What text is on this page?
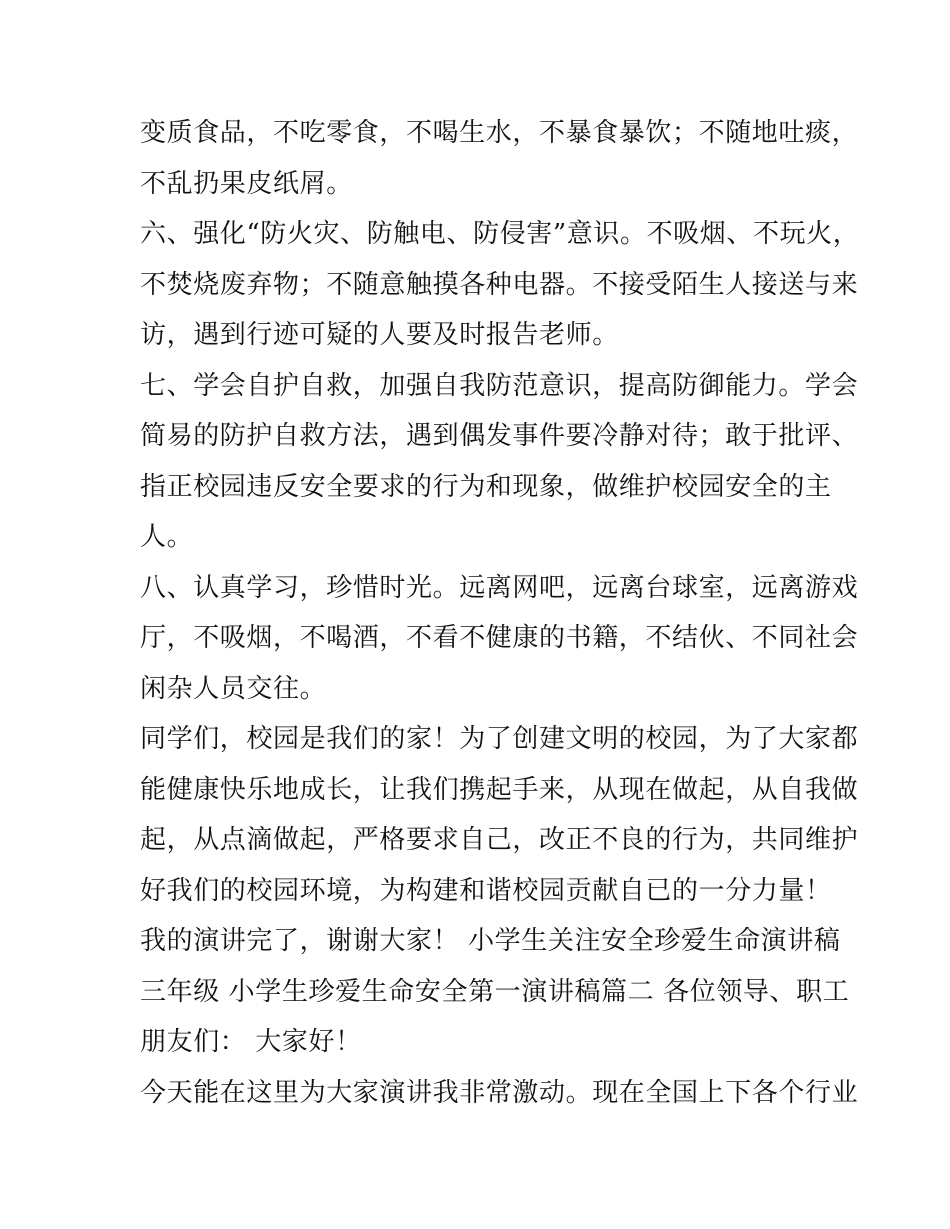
变质食品，不吃零食，不喝生水，不暴食暴饮；不随地吐痰，
不乱扔果皮纸屑。
六、强化“防火灾、防触电、防侵害”意识。不吸烟、不玩火，
不焚烧废弃物；不随意触摸各种电器。不接受陌生人接送与来
访，遇到行迹可疑的人要及时报告老师。
七、学会自护自救，加强自我防范意识，提高防御能力。学会
简易的防护自救方法，遇到偶发事件要冷静对待；敢于批评、
指正校园违反安全要求的行为和现象，做维护校园安全的主
人。
八、认真学习，珍惜时光。远离网吧，远离台球室，远离游戏
厅，不吸烟，不喝酒，不看不健康的书籍，不结伙、不同社会
闲杂人员交往。
同学们，校园是我们的家！为了创建文明的校园，为了大家都
能健康快乐地成长，让我们携起手来，从现在做起，从自我做
起，从点滴做起，严格要求自己，改正不良的行为，共同维护
好我们的校园环境，为构建和谐校园贡献自已的一分力量！
我的演讲完了，谢谢大家！ 小学生关注安全珍爱生命演讲稿
三年级 小学生珍爱生命安全第一演讲稿篇二 各位领导、职工
朋友们： 大家好！
今天能在这里为大家演讲我非常激动。现在全国上下各个行业
